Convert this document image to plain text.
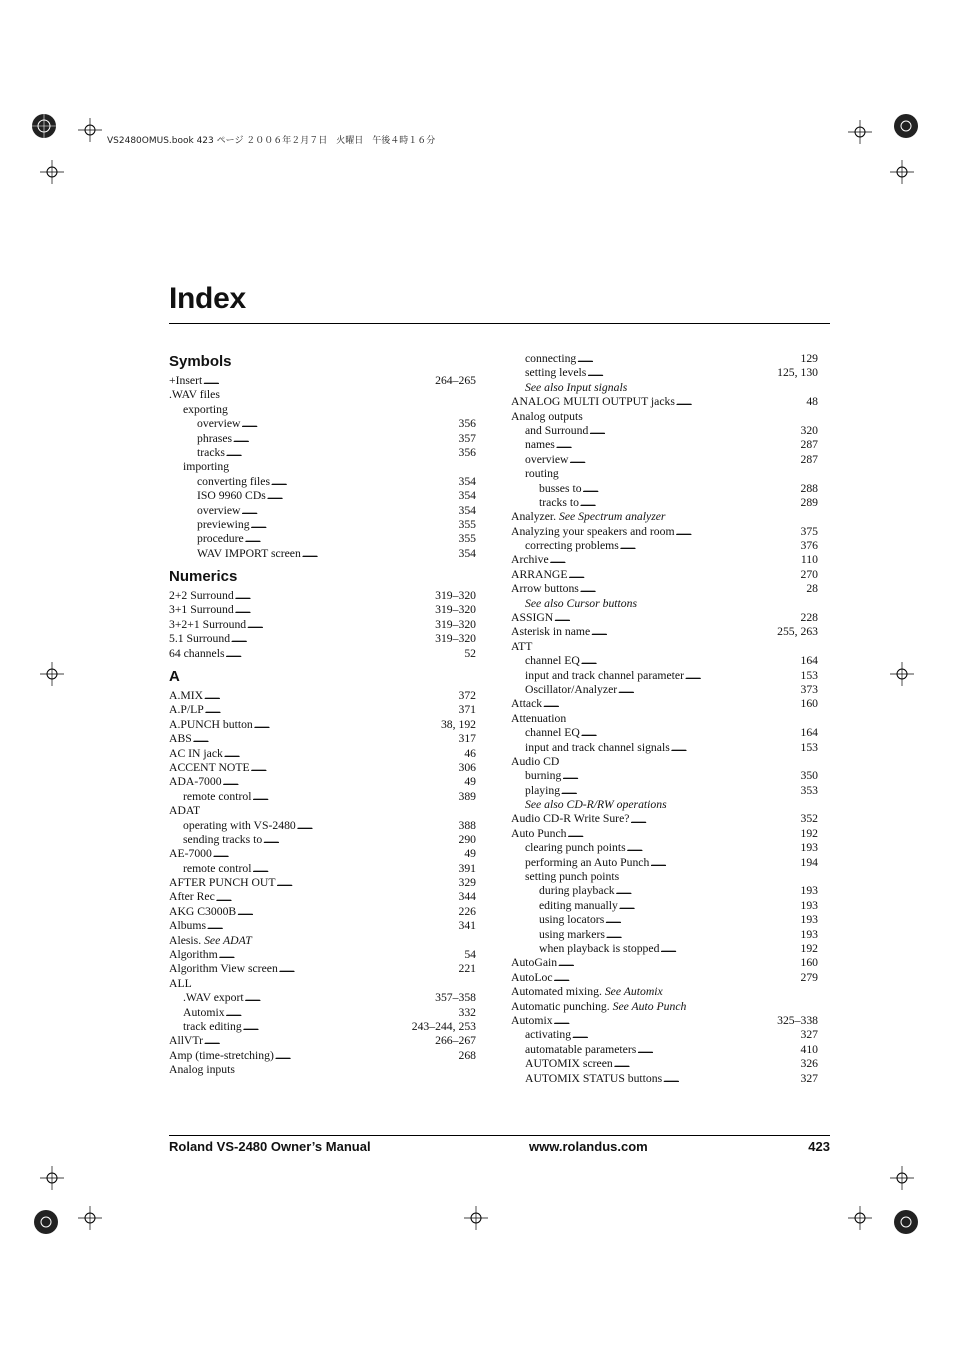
VS2480OMUS.book 423 ページ ２００６年２月７日　火曜日　午後４時１６分
Index
Symbols
+Insert . . .	264–265
.WAV files
exporting
overview . . .	356
phrases . . .	357
tracks . . .	356
importing
converting files . . .	354
ISO 9960 CDs . . .	354
overview . . .	354
previewing . . .	355
procedure . . .	355
WAV IMPORT screen . . .	354
Numerics
2+2 Surround . . .	319–320
3+1 Surround . . .	319–320
3+2+1 Surround . . .	319–320
5.1 Surround . . .	319–320
64 channels . . .	52
A
A.MIX . . .	372
A.P/LP . . .	371
A.PUNCH button . . .	38, 192
ABS . . .	317
AC IN jack . . .	46
ACCENT NOTE . . .	306
ADA-7000 . . .	49
remote control . . .	389
ADAT
operating with VS-2480 . . .	388
sending tracks to . . .	290
AE-7000 . . .	49
remote control . . .	391
AFTER PUNCH OUT . . .	329
After Rec . . .	344
AKG C3000B . . .	226
Albums . . .	341
Alesis. See ADAT
Algorithm . . .	54
Algorithm View screen . . .	221
ALL
.WAV export . . .	357–358
Automix . . .	332
track editing . . .	243–244, 253
AllVTr . . .	266–267
Amp (time-stretching) . . .	268
Analog inputs
connecting . . .	129
setting levels . . .	125, 130
See also Input signals
ANALOG MULTI OUTPUT jacks . . .	48
Analog outputs
and Surround . . .	320
names . . .	287
overview . . .	287
routing
busses to . . .	288
tracks to . . .	289
Analyzer. See Spectrum analyzer
Analyzing your speakers and room . . .	375
correcting problems . . .	376
Archive . . .	110
ARRANGE . . .	270
Arrow buttons . . .	28
See also Cursor buttons
ASSIGN . . .	228
Asterisk in name . . .	255, 263
ATT
channel EQ . . .	164
input and track channel parameter . . .	153
Oscillator/Analyzer . . .	373
Attack . . .	160
Attenuation
channel EQ . . .	164
input and track channel signals . . .	153
Audio CD
burning . . .	350
playing . . .	353
See also CD-R/RW operations
Audio CD-R Write Sure? . . .	352
Auto Punch . . .	192
clearing punch points . . .	193
performing an Auto Punch . . .	194
setting punch points
during playback . . .	193
editing manually . . .	193
using locators . . .	193
using markers . . .	193
when playback is stopped . . .	192
AutoGain . . .	160
AutoLoc . . .	279
Automated mixing. See Automix
Automatic punching. See Auto Punch
Automix . . .	325–338
activating . . .	327
automatable parameters . . .	410
AUTOMIX screen . . .	326
AUTOMIX STATUS buttons . . .	327
Roland VS-2480 Owner’s Manual	www.rolandus.com	423
